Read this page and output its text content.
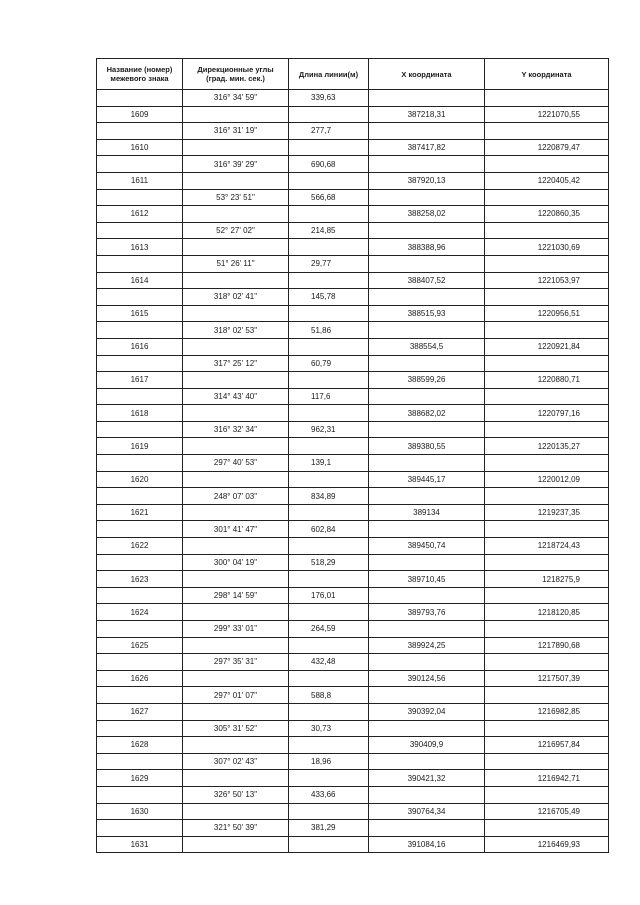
Название (номер) межевого знака	Дирекционные углы (град. мин. сек.)	Длина линии(м)	X координата	Y координата
	316° 34' 59"	339,63		
1609			387218,31	1221070,55
	316° 31' 19"	277,7		
1610			387417,82	1220879,47
	316° 39' 29"	690,68		
1611			387920,13	1220405,42
	53° 23' 51"	566,68		
1612			388258,02	1220860,35
	52° 27' 02"	214,85		
1613			388388,96	1221030,69
	51° 26' 11"	29,77		
1614			388407,52	1221053,97
	318° 02' 41"	145,78		
1615			388515,93	1220956,51
	318° 02' 53"	51,86		
1616			388554,5	1220921,84
	317° 25' 12"	60,79		
1617			388599,26	1220880,71
	314° 43' 40"	117,6		
1618			388682,02	1220797,16
	316° 32' 34"	962,31		
1619			389380,55	1220135,27
	297° 40' 53"	139,1		
1620			389445,17	1220012,09
	248° 07' 03"	834,89		
1621			389134	1219237,35
	301° 41' 47"	602,84		
1622			389450,74	1218724,43
	300° 04' 19"	518,29		
1623			389710,45	1218275,9
	298° 14' 59"	176,01		
1624			389793,76	1218120,85
	299° 33' 01"	264,59		
1625			389924,25	1217890,68
	297° 35' 31"	432,48		
1626			390124,56	1217507,39
	297° 01' 07"	588,8		
1627			390392,04	1216982,85
	305° 31' 52"	30,73		
1628			390409,9	1216957,84
	307° 02' 43"	18,96		
1629			390421,32	1216942,71
	326° 50' 13"	433,66		
1630			390764,34	1216705,49
	321° 50' 39"	381,29		
1631			391084,16	1216469,93
